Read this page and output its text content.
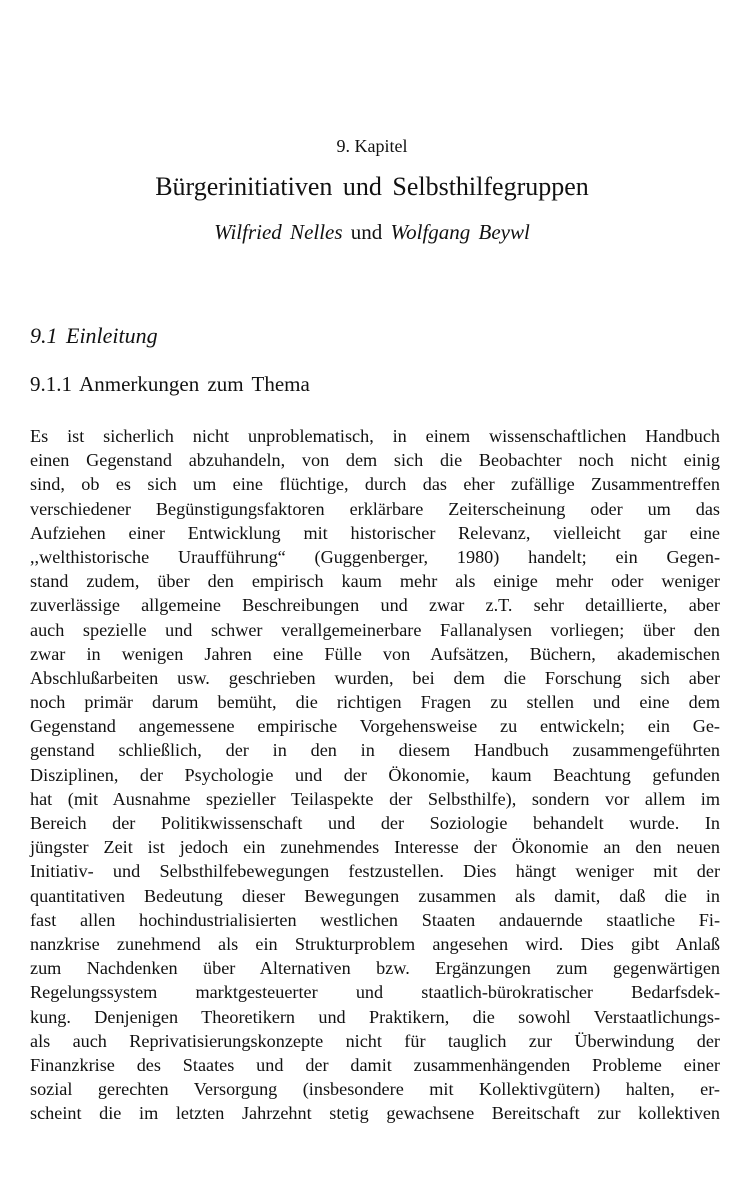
9. Kapitel
Bürgerinitiativen und Selbsthilfegruppen
Wilfried Nelles und Wolfgang Beywl
9.1 Einleitung
9.1.1 Anmerkungen zum Thema
Es ist sicherlich nicht unproblematisch, in einem wissenschaftlichen Handbuch
einen Gegenstand abzuhandeln, von dem sich die Beobachter noch nicht einig
sind, ob es sich um eine flüchtige, durch das eher zufällige Zusammentreffen
verschiedener Begünstigungsfaktoren erklärbare Zeiterscheinung oder um das
Aufziehen einer Entwicklung mit historischer Relevanz, vielleicht gar eine
,,welthistorische Uraufführung“ (Guggenberger, 1980) handelt; ein Gegen-
stand zudem, über den empirisch kaum mehr als einige mehr oder weniger
zuverlässige allgemeine Beschreibungen und zwar z.T. sehr detaillierte, aber
auch spezielle und schwer verallgemeinerbare Fallanalysen vorliegen; über den
zwar in wenigen Jahren eine Fülle von Aufsätzen, Büchern, akademischen
Abschlußarbeiten usw. geschrieben wurden, bei dem die Forschung sich aber
noch primär darum bemüht, die richtigen Fragen zu stellen und eine dem
Gegenstand angemessene empirische Vorgehensweise zu entwickeln; ein Ge-
genstand schließlich, der in den in diesem Handbuch zusammengeführten
Disziplinen, der Psychologie und der Ökonomie, kaum Beachtung gefunden
hat (mit Ausnahme spezieller Teilaspekte der Selbsthilfe), sondern vor allem im
Bereich der Politikwissenschaft und der Soziologie behandelt wurde. In
jüngster Zeit ist jedoch ein zunehmendes Interesse der Ökonomie an den neuen
Initiativ- und Selbsthilfebewegungen festzustellen. Dies hängt weniger mit der
quantitativen Bedeutung dieser Bewegungen zusammen als damit, daß die in
fast allen hochindustrialisierten westlichen Staaten andauernde staatliche Fi-
nanzkrise zunehmend als ein Strukturproblem angesehen wird. Dies gibt Anlaß
zum Nachdenken über Alternativen bzw. Ergänzungen zum gegenwärtigen
Regelungssystem marktgesteuerter und staatlich-bürokratischer Bedarfsdek-
kung. Denjenigen Theoretikern und Praktikern, die sowohl Verstaatlichungs-
als auch Reprivatisierungskonzepte nicht für tauglich zur Überwindung der
Finanzkrise des Staates und der damit zusammenhängenden Probleme einer
sozial gerechten Versorgung (insbesondere mit Kollektivgütern) halten, er-
scheint die im letzten Jahrzehnt stetig gewachsene Bereitschaft zur kollektiven
